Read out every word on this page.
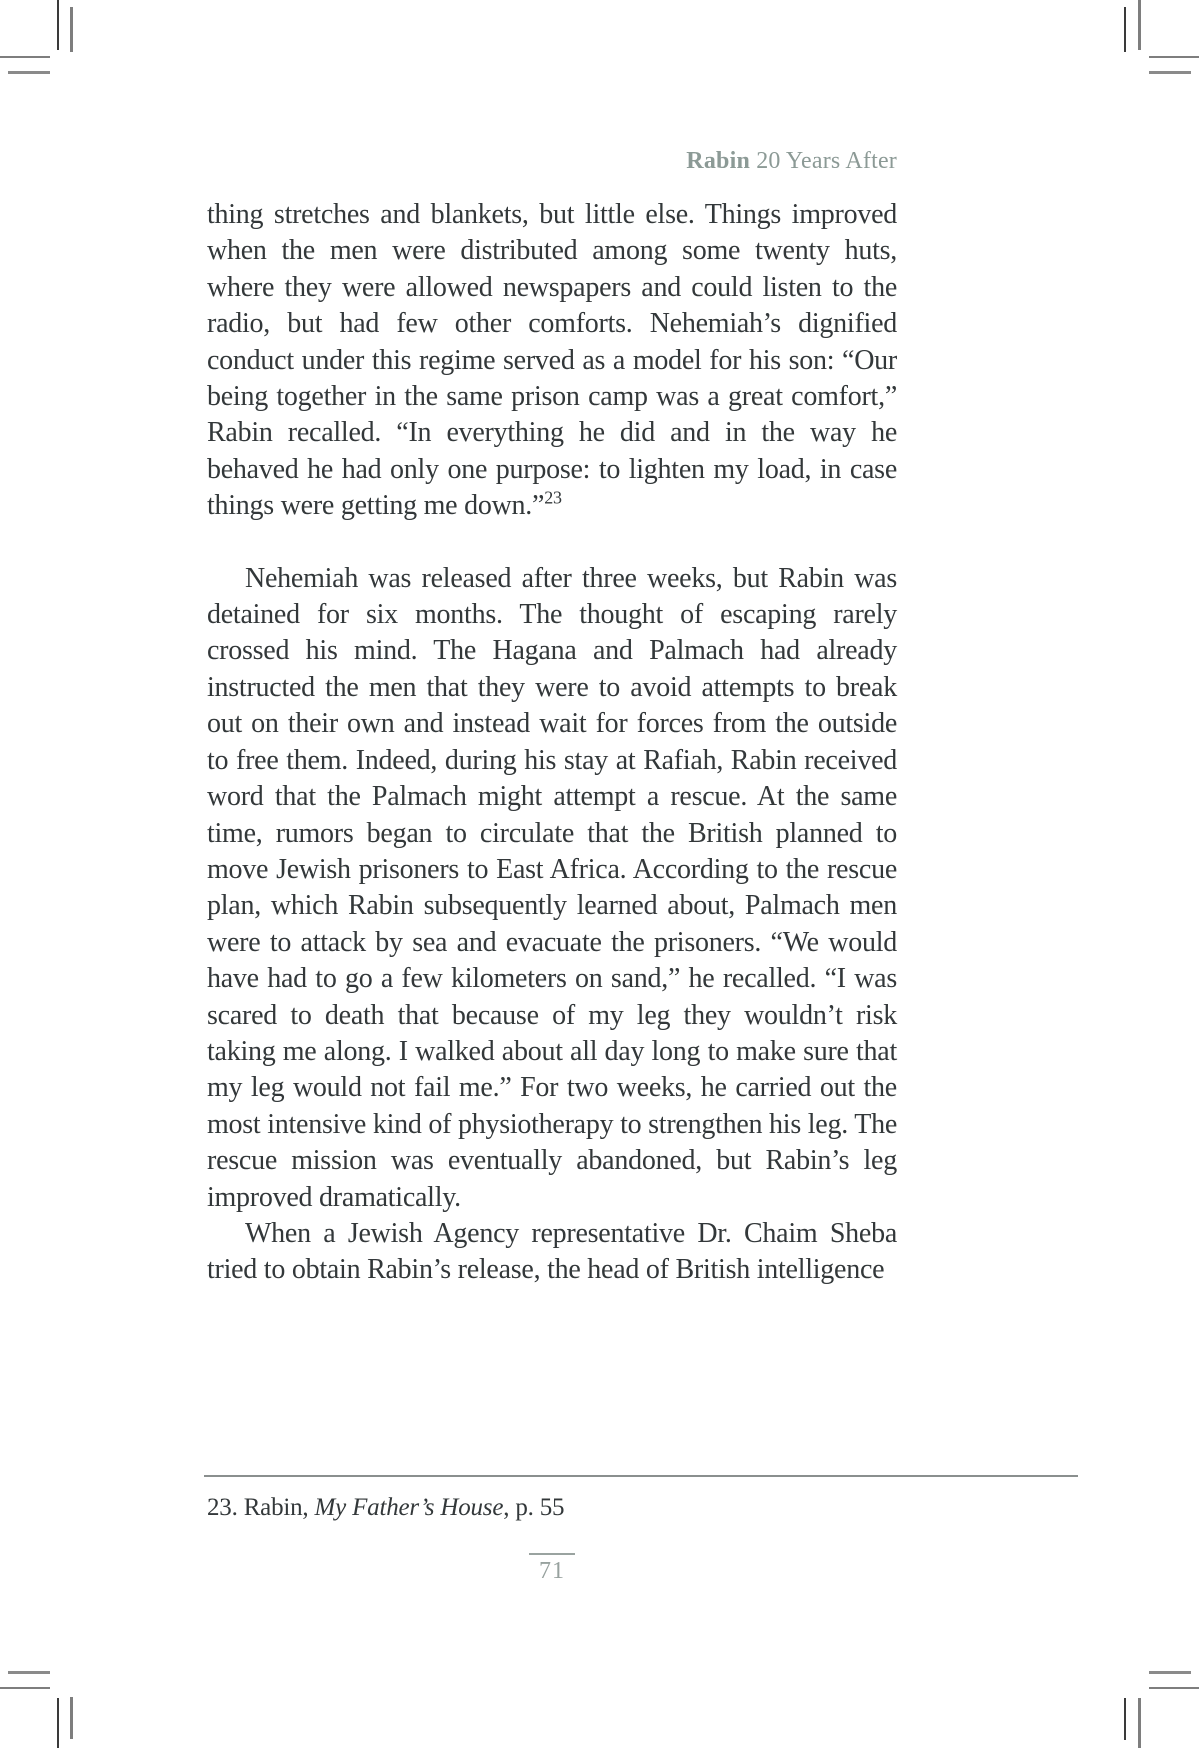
Rabin 20 Years After

thing stretches and blankets, but little else. Things improved when the men were distributed among some twenty huts, where they were allowed newspapers and could listen to the radio, but had few other comforts. Nehemiah’s dignified conduct under this regime served as a model for his son: “Our being together in the same prison camp was a great comfort,” Rabin recalled. “In everything he did and in the way he behaved he had only one purpose: to lighten my load, in case things were getting me down.”$^{23}$

Nehemiah was released after three weeks, but Rabin was detained for six months. The thought of escaping rarely crossed his mind. The Hagana and Palmach had already instructed the men that they were to avoid attempts to break out on their own and instead wait for forces from the outside to free them. Indeed, during his stay at Rafiah, Rabin received word that the Palmach might attempt a rescue. At the same time, rumors began to circulate that the British planned to move Jewish prisoners to East Africa. According to the rescue plan, which Rabin subsequently learned about, Palmach men were to attack by sea and evacuate the prisoners. “We would have had to go a few kilometers on sand,” he recalled. “I was scared to death that because of my leg they wouldn’t risk taking me along. I walked about all day long to make sure that my leg would not fail me.” For two weeks, he carried out the most intensive kind of physiotherapy to strengthen his leg. The rescue mission was eventually abandoned, but Rabin’s leg improved dramatically.

When a Jewish Agency representative Dr. Chaim Sheba tried to obtain Rabin’s release, the head of British intelligence

23. Rabin, My Father’s House, p. 55
71
